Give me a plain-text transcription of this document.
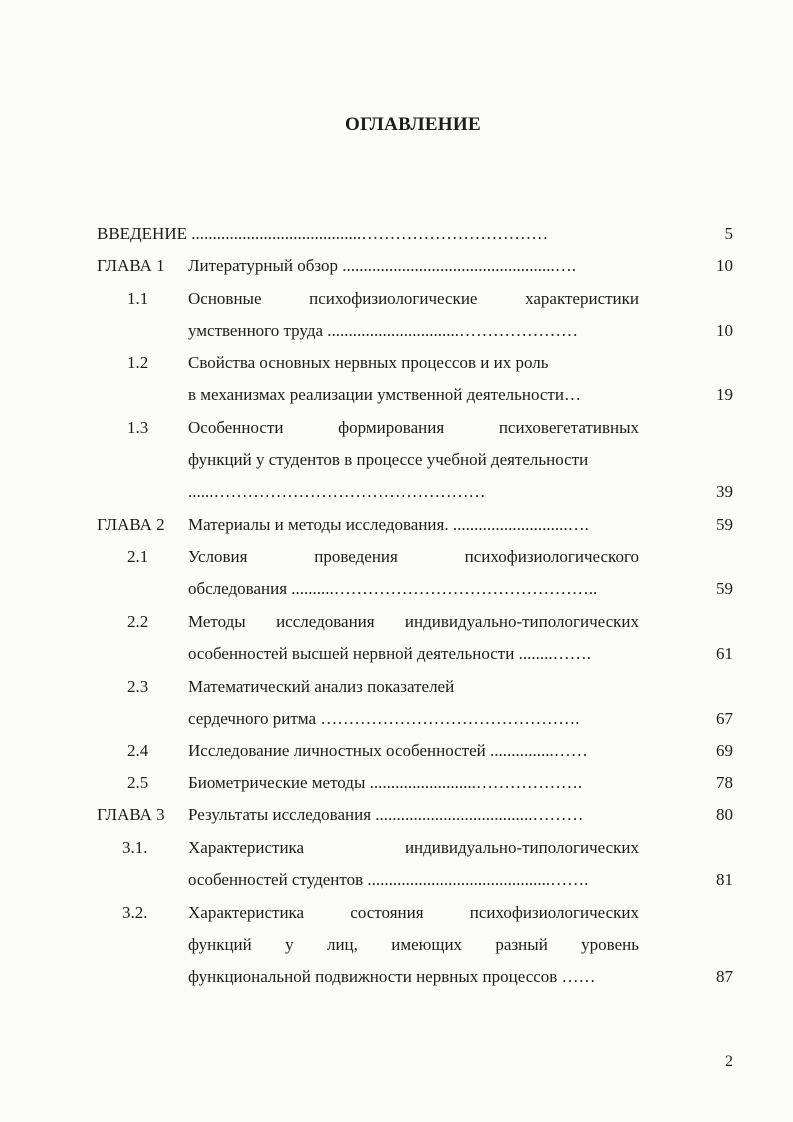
ОГЛАВЛЕНИЕ
ВВЕДЕНИЕ ........................................……………………………	5
ГЛАВА 1 Литературный обзор ..................................................….	10
1.1 Основные психофизиологические характеристики
умственного труда ...............................…………………	10
1.2 Свойства основных нервных процессов и их роль
в механизмах реализации умственной деятельности…	19
1.3 Особенности формирования психовегетативных
функций у студентов в процессе учебной деятельности
......…………………………………………	39
ГЛАВА 2 Материалы и методы исследования. ...........................….	59
2.1 Условия проведения психофизиологического
обследования ..........………………………………………..	59
2.2 Методы исследования индивидуально-типологических
особенностей высшей нервной деятельности ........…….	61
2.3 Математический анализ показателей
сердечного ритма ……………………………………….	67
2.4 Исследование личностных особенностей ...............……	69
2.5 Биометрические методы .........................……………….	78
ГЛАВА 3 Результаты исследования .....................................………	80
3.1. Характеристика индивидуально-типологических
особенностей студентов ...........................................…….	81
3.2. Характеристика состояния психофизиологических
функций у лиц, имеющих разный уровень
функциональной подвижности нервных процессов ……	87
2
